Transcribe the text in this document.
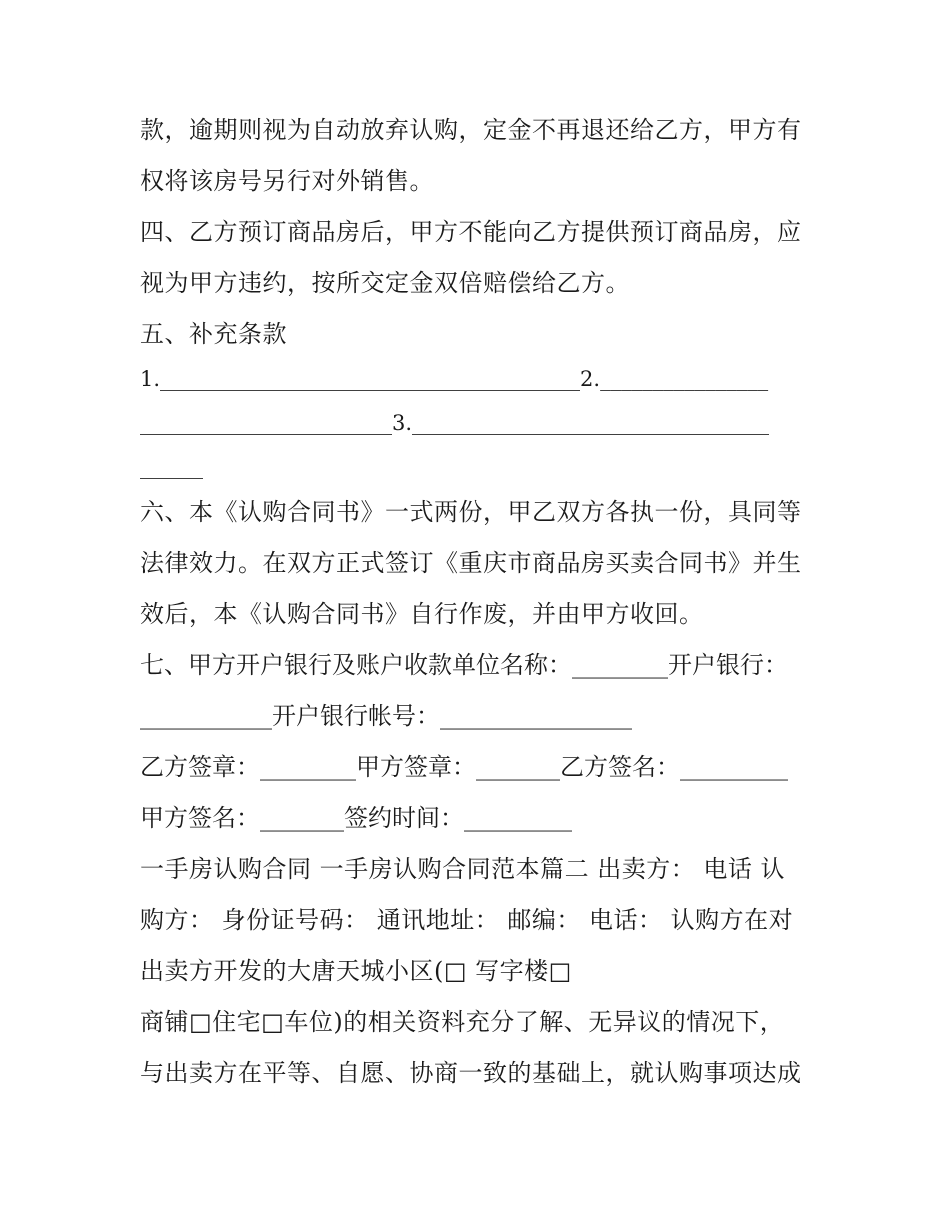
款，逾期则视为自动放弃认购，定金不再退还给乙方，甲方有
权将该房号另行对外销售。
四、乙方预订商品房后，甲方不能向乙方提供预订商品房，应
视为甲方违约，按所交定金双倍赔偿给乙方。
五、补充条款
1.________________________________________2.________________
________________________3.__________________________________
______
六、本《认购合同书》一式两份，甲乙双方各执一份，具同等
法律效力。在双方正式签订《重庆市商品房买卖合同书》并生
效后，本《认购合同书》自行作废，并由甲方收回。
七、甲方开户银行及账户收款单位名称：________开户银行：
___________开户银行帐号：________________
乙方签章：________甲方签章：_______乙方签名：_________
甲方签名：_______签约时间：_________
一手房认购合同 一手房认购合同范本篇二 出卖方： 电话 认
购方： 身份证号码： 通讯地址： 邮编： 电话： 认购方在对
出卖方开发的大唐天城小区(□ 写字楼□
商铺□住宅□车位)的相关资料充分了解、无异议的情况下，
与出卖方在平等、自愿、协商一致的基础上，就认购事项达成
